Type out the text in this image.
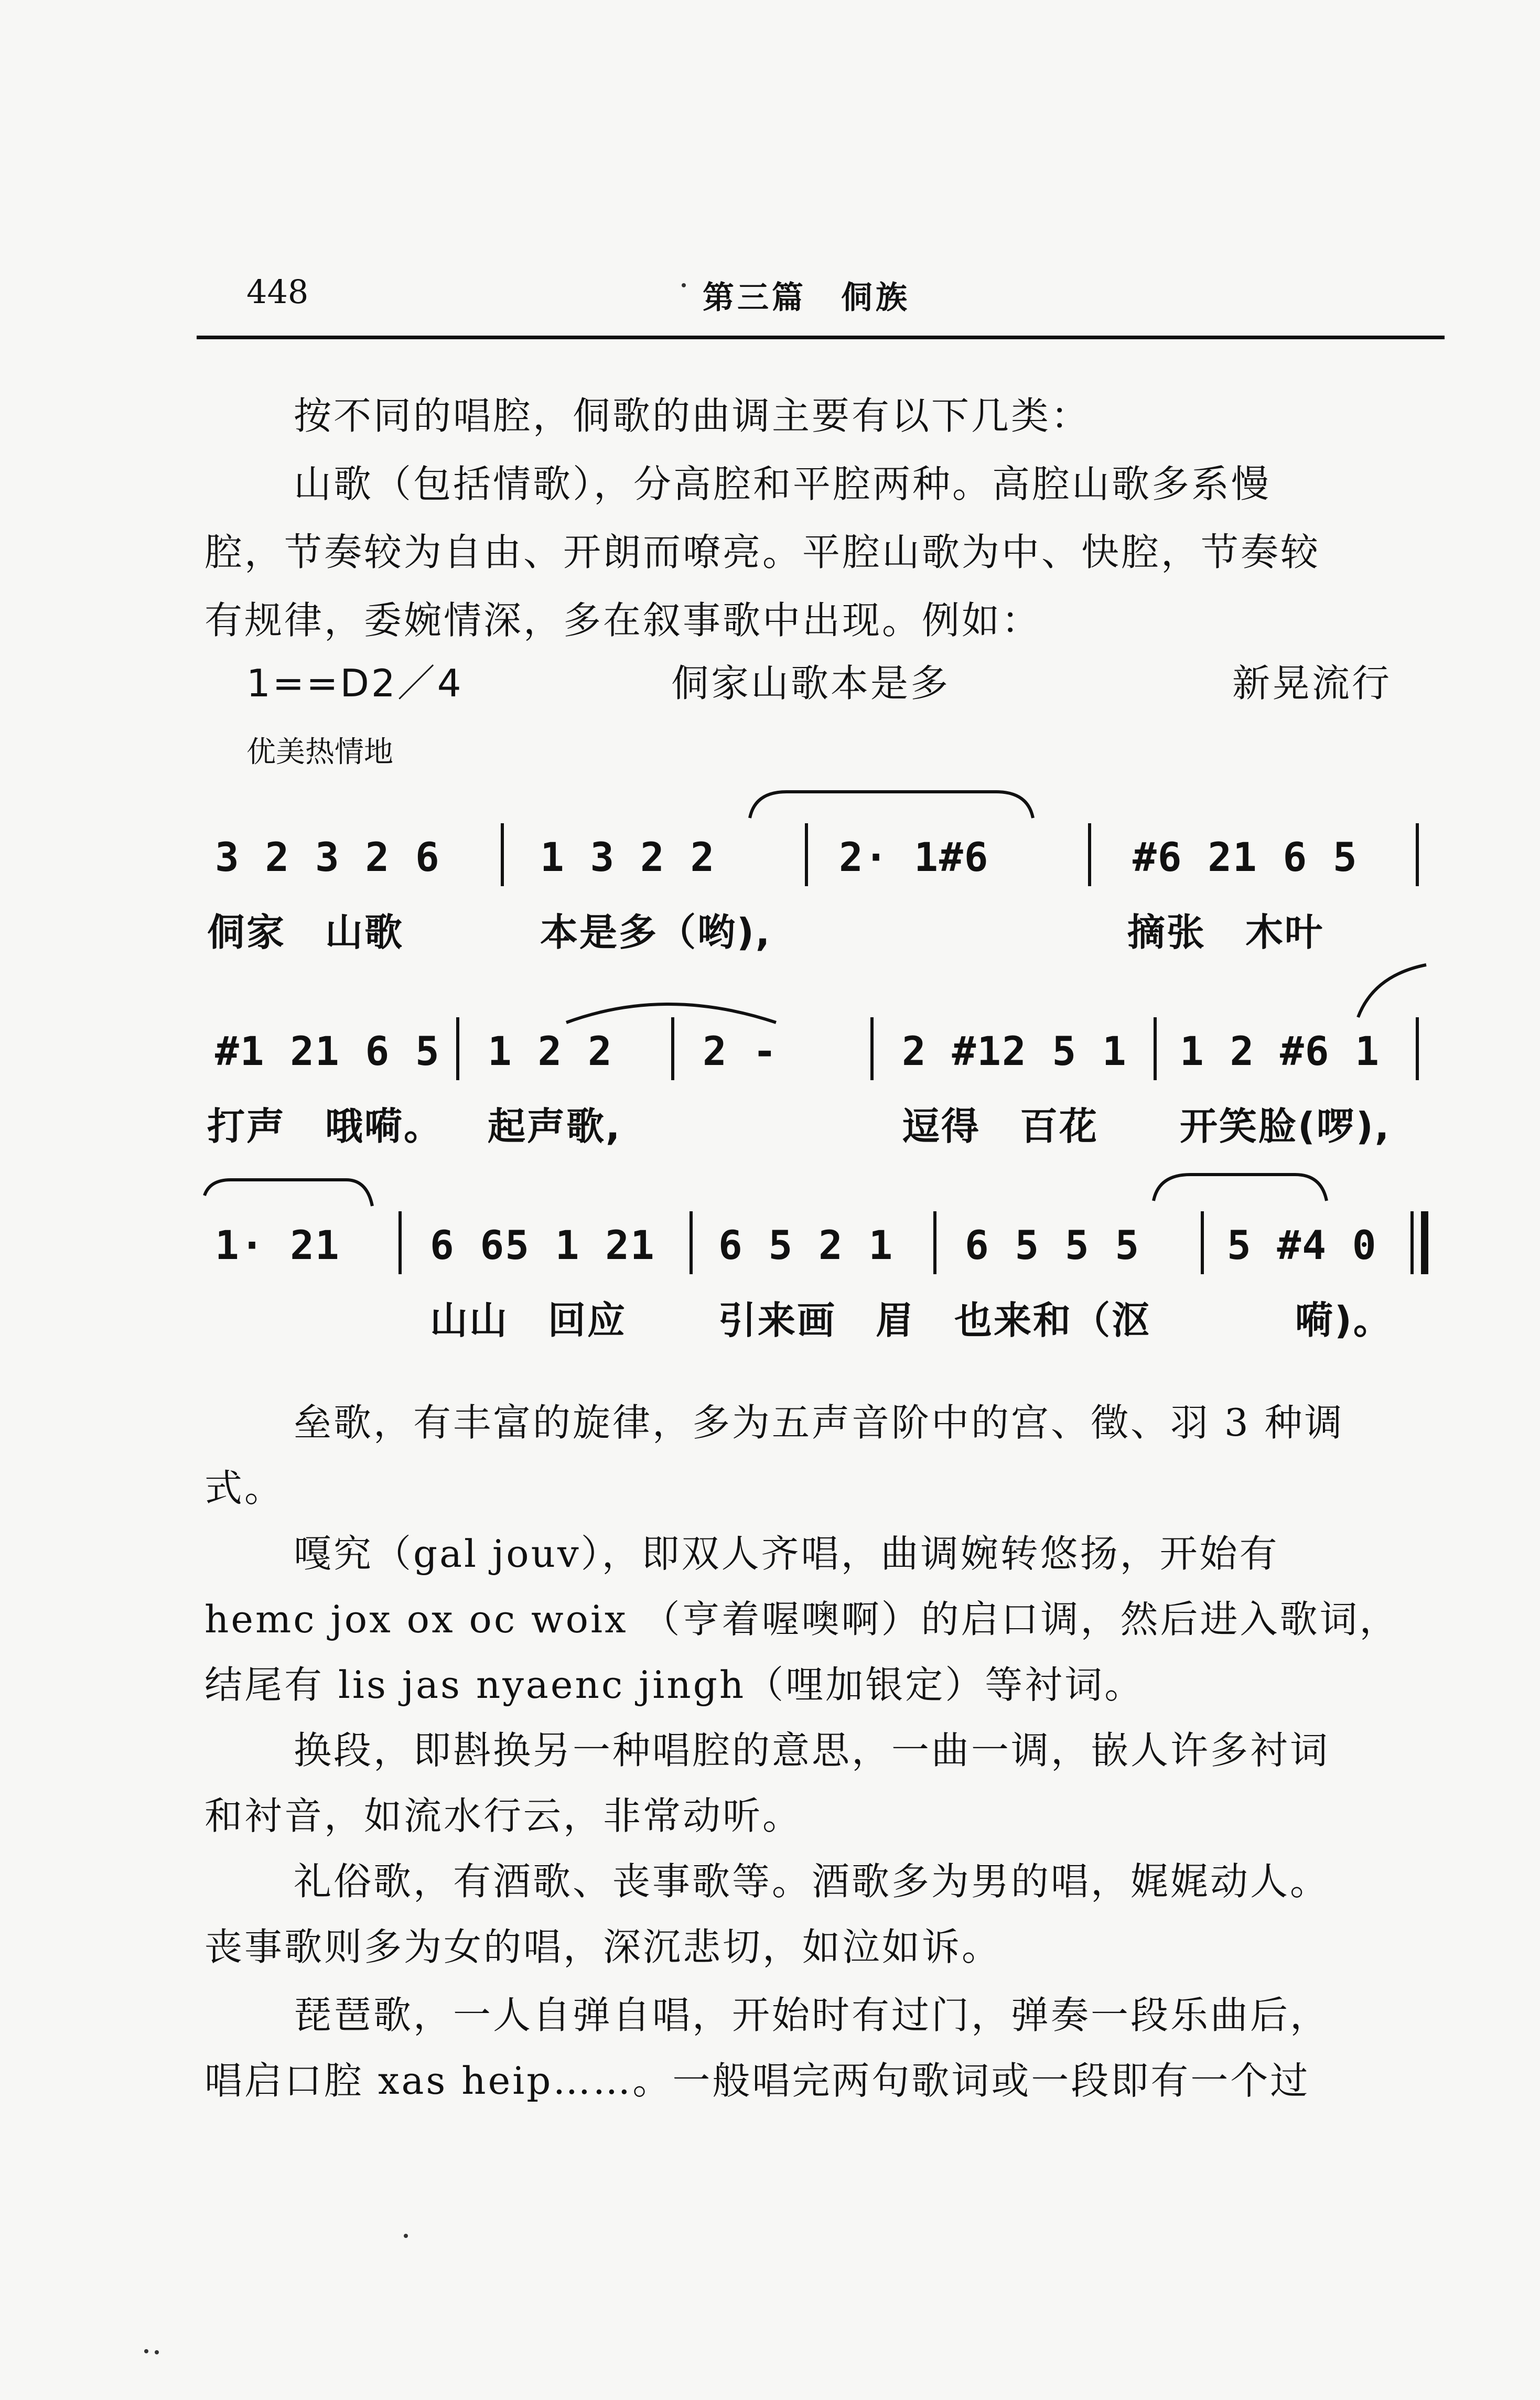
448	第三篇　侗族
按不同的唱腔，侗歌的曲调主要有以下几类：
山歌（包括情歌），分高腔和平腔两种。高腔山歌多系慢
腔，节奏较为自由、开朗而嘹亮。平腔山歌为中、快腔，节奏较
有规律，委婉情深，多在叙事歌中出现。例如：
1==D2／4	侗家山歌本是多	新晃流行
优美热情地
3 2 3 2 6	1 3 2 2	2· 1#6	#6 21 6 5
侗家　山歌	本是多（哟),	摘张　木叶
#1 21 6 5 1 2 2 2 -	2 #12 5 1 1 2 #6 1
打声　哦嗬。 起声歌,	逗得　百花 开笑脸(啰),
1· 21 6 65 1 21 6 5 2 1 6 5 5 5 5 #4 0
山山　回应 引来画 眉　也来和（沤	嗬)。
垒歌，有丰富的旋律，多为五声音阶中的宫、徵、羽 3 种调
式。
嘎究（gal jouv），即双人齐唱，曲调婉转悠扬，开始有
hemc jox ox oc woix （亨着喔噢啊）的启口调，然后进入歌词，
结尾有 lis jas nyaenc jingh（哩加银定）等衬词。
换段，即斟换另一种唱腔的意思，一曲一调，嵌人许多衬词
和衬音，如流水行云，非常动听。
礼俗歌，有酒歌、丧事歌等。酒歌多为男的唱，娓娓动人。
丧事歌则多为女的唱，深沉悲切，如泣如诉。
琵琶歌，一人自弹自唱，开始时有过门，弹奏一段乐曲后，
唱启口腔 xas heip……。一般唱完两句歌词或一段即有一个过
